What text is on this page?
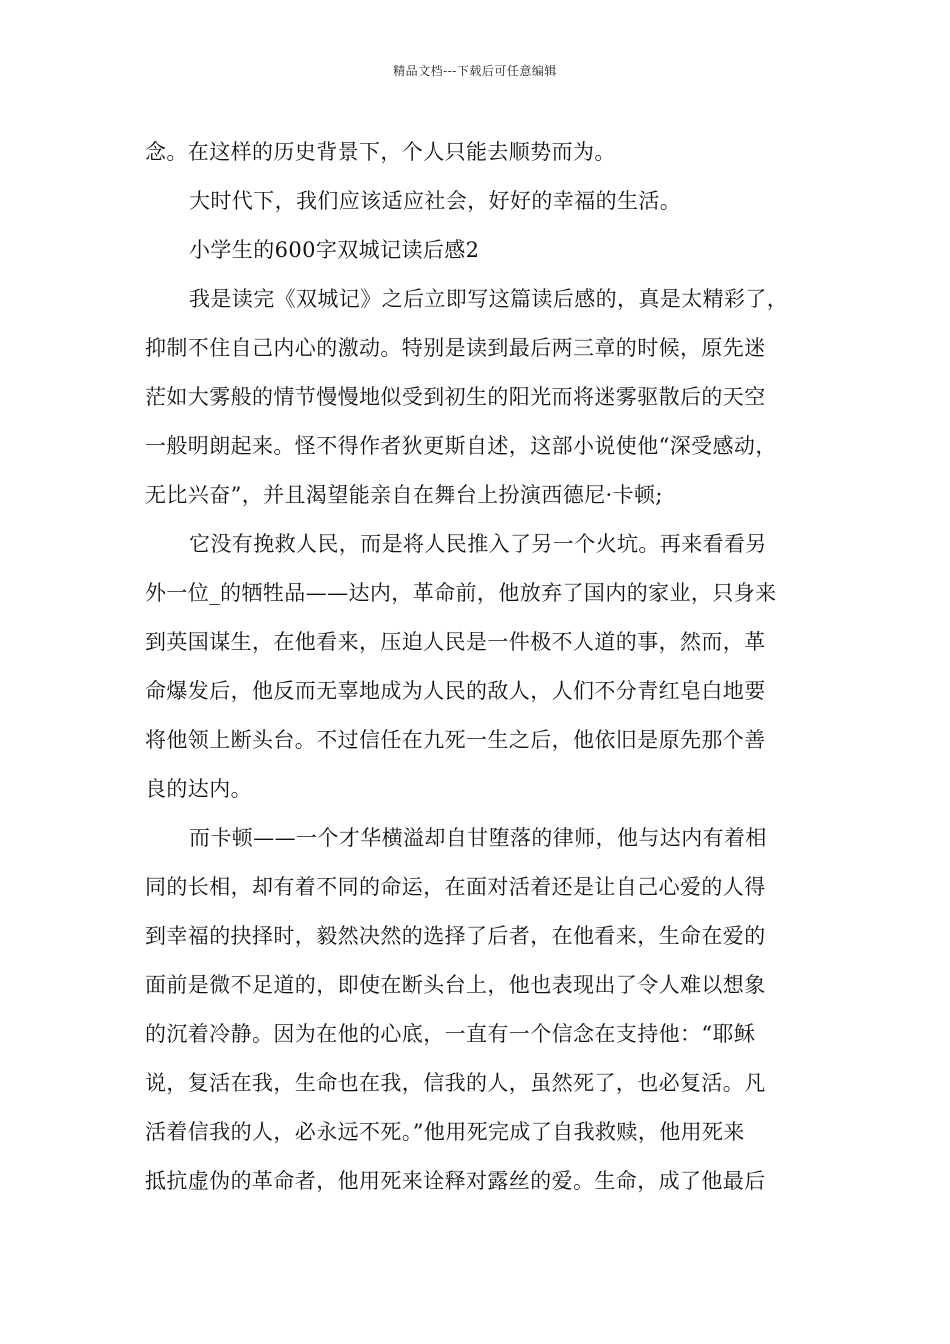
精品文档---下载后可任意编辑
念。在这样的历史背景下，个人只能去顺势而为。
大时代下，我们应该适应社会，好好的幸福的生活。
小学生的600字双城记读后感2
我是读完《双城记》之后立即写这篇读后感的，真是太精彩了，
抑制不住自己内心的激动。特别是读到最后两三章的时候，原先迷
茫如大雾般的情节慢慢地似受到初生的阳光而将迷雾驱散后的天空
一般明朗起来。怪不得作者狄更斯自述，这部小说使他“深受感动，
无比兴奋”，并且渴望能亲自在舞台上扮演西德尼·卡顿;
它没有挽救人民，而是将人民推入了另一个火坑。再来看看另
外一位_的牺牲品——达内，革命前，他放弃了国内的家业，只身来
到英国谋生，在他看来，压迫人民是一件极不人道的事，然而，革
命爆发后，他反而无辜地成为人民的敌人，人们不分青红皂白地要
将他领上断头台。不过信任在九死一生之后，他依旧是原先那个善
良的达内。
而卡顿——一个才华横溢却自甘堕落的律师，他与达内有着相
同的长相，却有着不同的命运，在面对活着还是让自己心爱的人得
到幸福的抉择时，毅然决然的选择了后者，在他看来，生命在爱的
面前是微不足道的，即使在断头台上，他也表现出了令人难以想象
的沉着冷静。因为在他的心底，一直有一个信念在支持他：“耶稣
说，复活在我，生命也在我，信我的人，虽然死了，也必复活。凡
活着信我的人，必永远不死。”他用死完成了自我救赎，他用死来
抵抗虚伪的革命者，他用死来诠释对露丝的爱。生命，成了他最后
